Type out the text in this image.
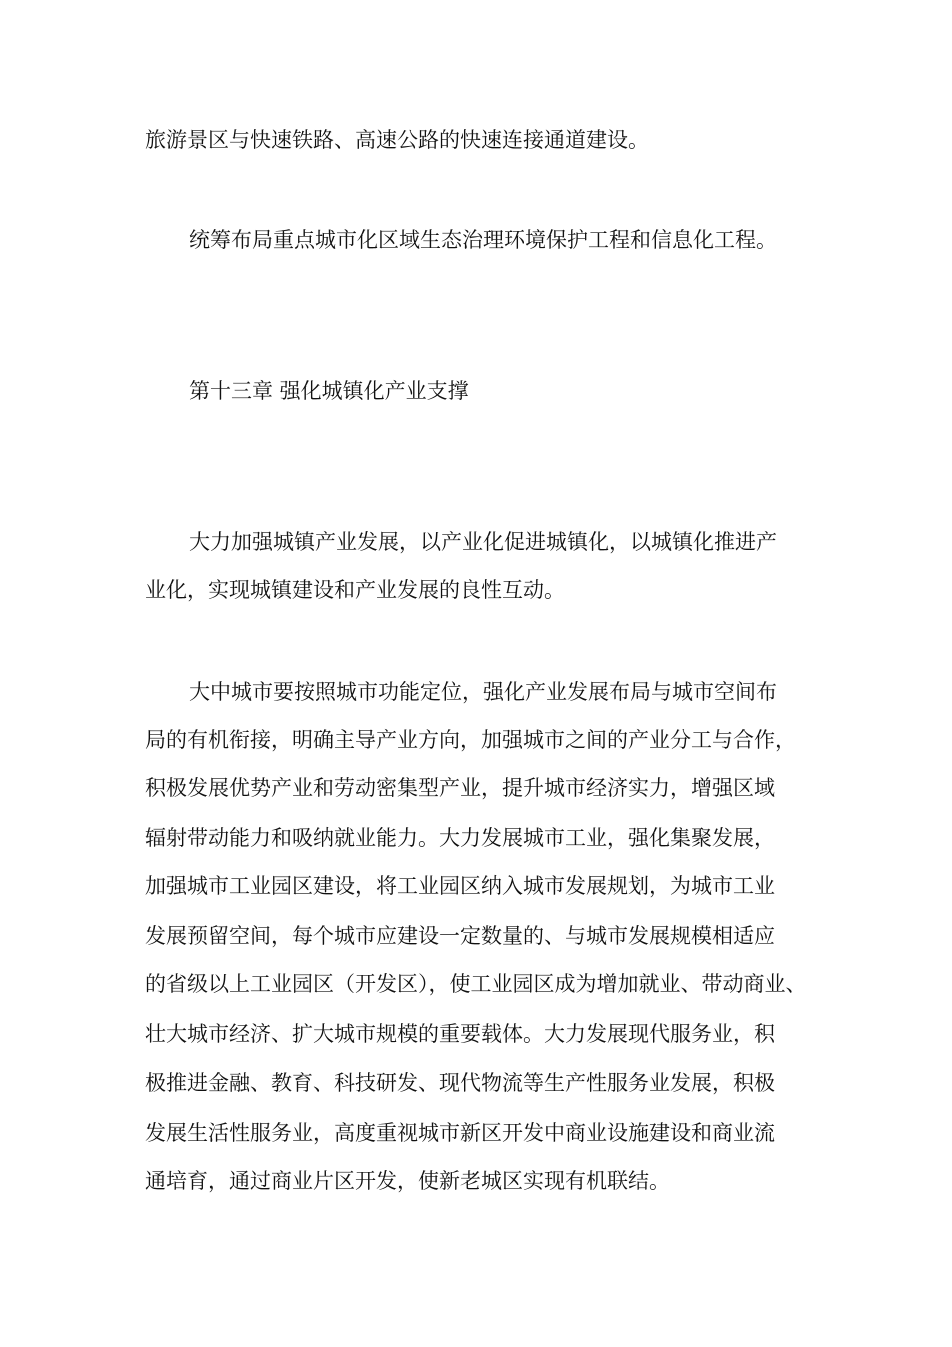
旅游景区与快速铁路、高速公路的快速连接通道建设。
统筹布局重点城市化区域生态治理环境保护工程和信息化工程。
第十三章 强化城镇化产业支撑
大力加强城镇产业发展，以产业化促进城镇化，以城镇化推进产
业化，实现城镇建设和产业发展的良性互动。
大中城市要按照城市功能定位，强化产业发展布局与城市空间布
局的有机衔接，明确主导产业方向，加强城市之间的产业分工与合作，
积极发展优势产业和劳动密集型产业，提升城市经济实力，增强区域
辐射带动能力和吸纳就业能力。大力发展城市工业，强化集聚发展，
加强城市工业园区建设，将工业园区纳入城市发展规划，为城市工业
发展预留空间，每个城市应建设一定数量的、与城市发展规模相适应
的省级以上工业园区（开发区），使工业园区成为增加就业、带动商业、
壮大城市经济、扩大城市规模的重要载体。大力发展现代服务业，积
极推进金融、教育、科技研发、现代物流等生产性服务业发展，积极
发展生活性服务业，高度重视城市新区开发中商业设施建设和商业流
通培育，通过商业片区开发，使新老城区实现有机联结。
